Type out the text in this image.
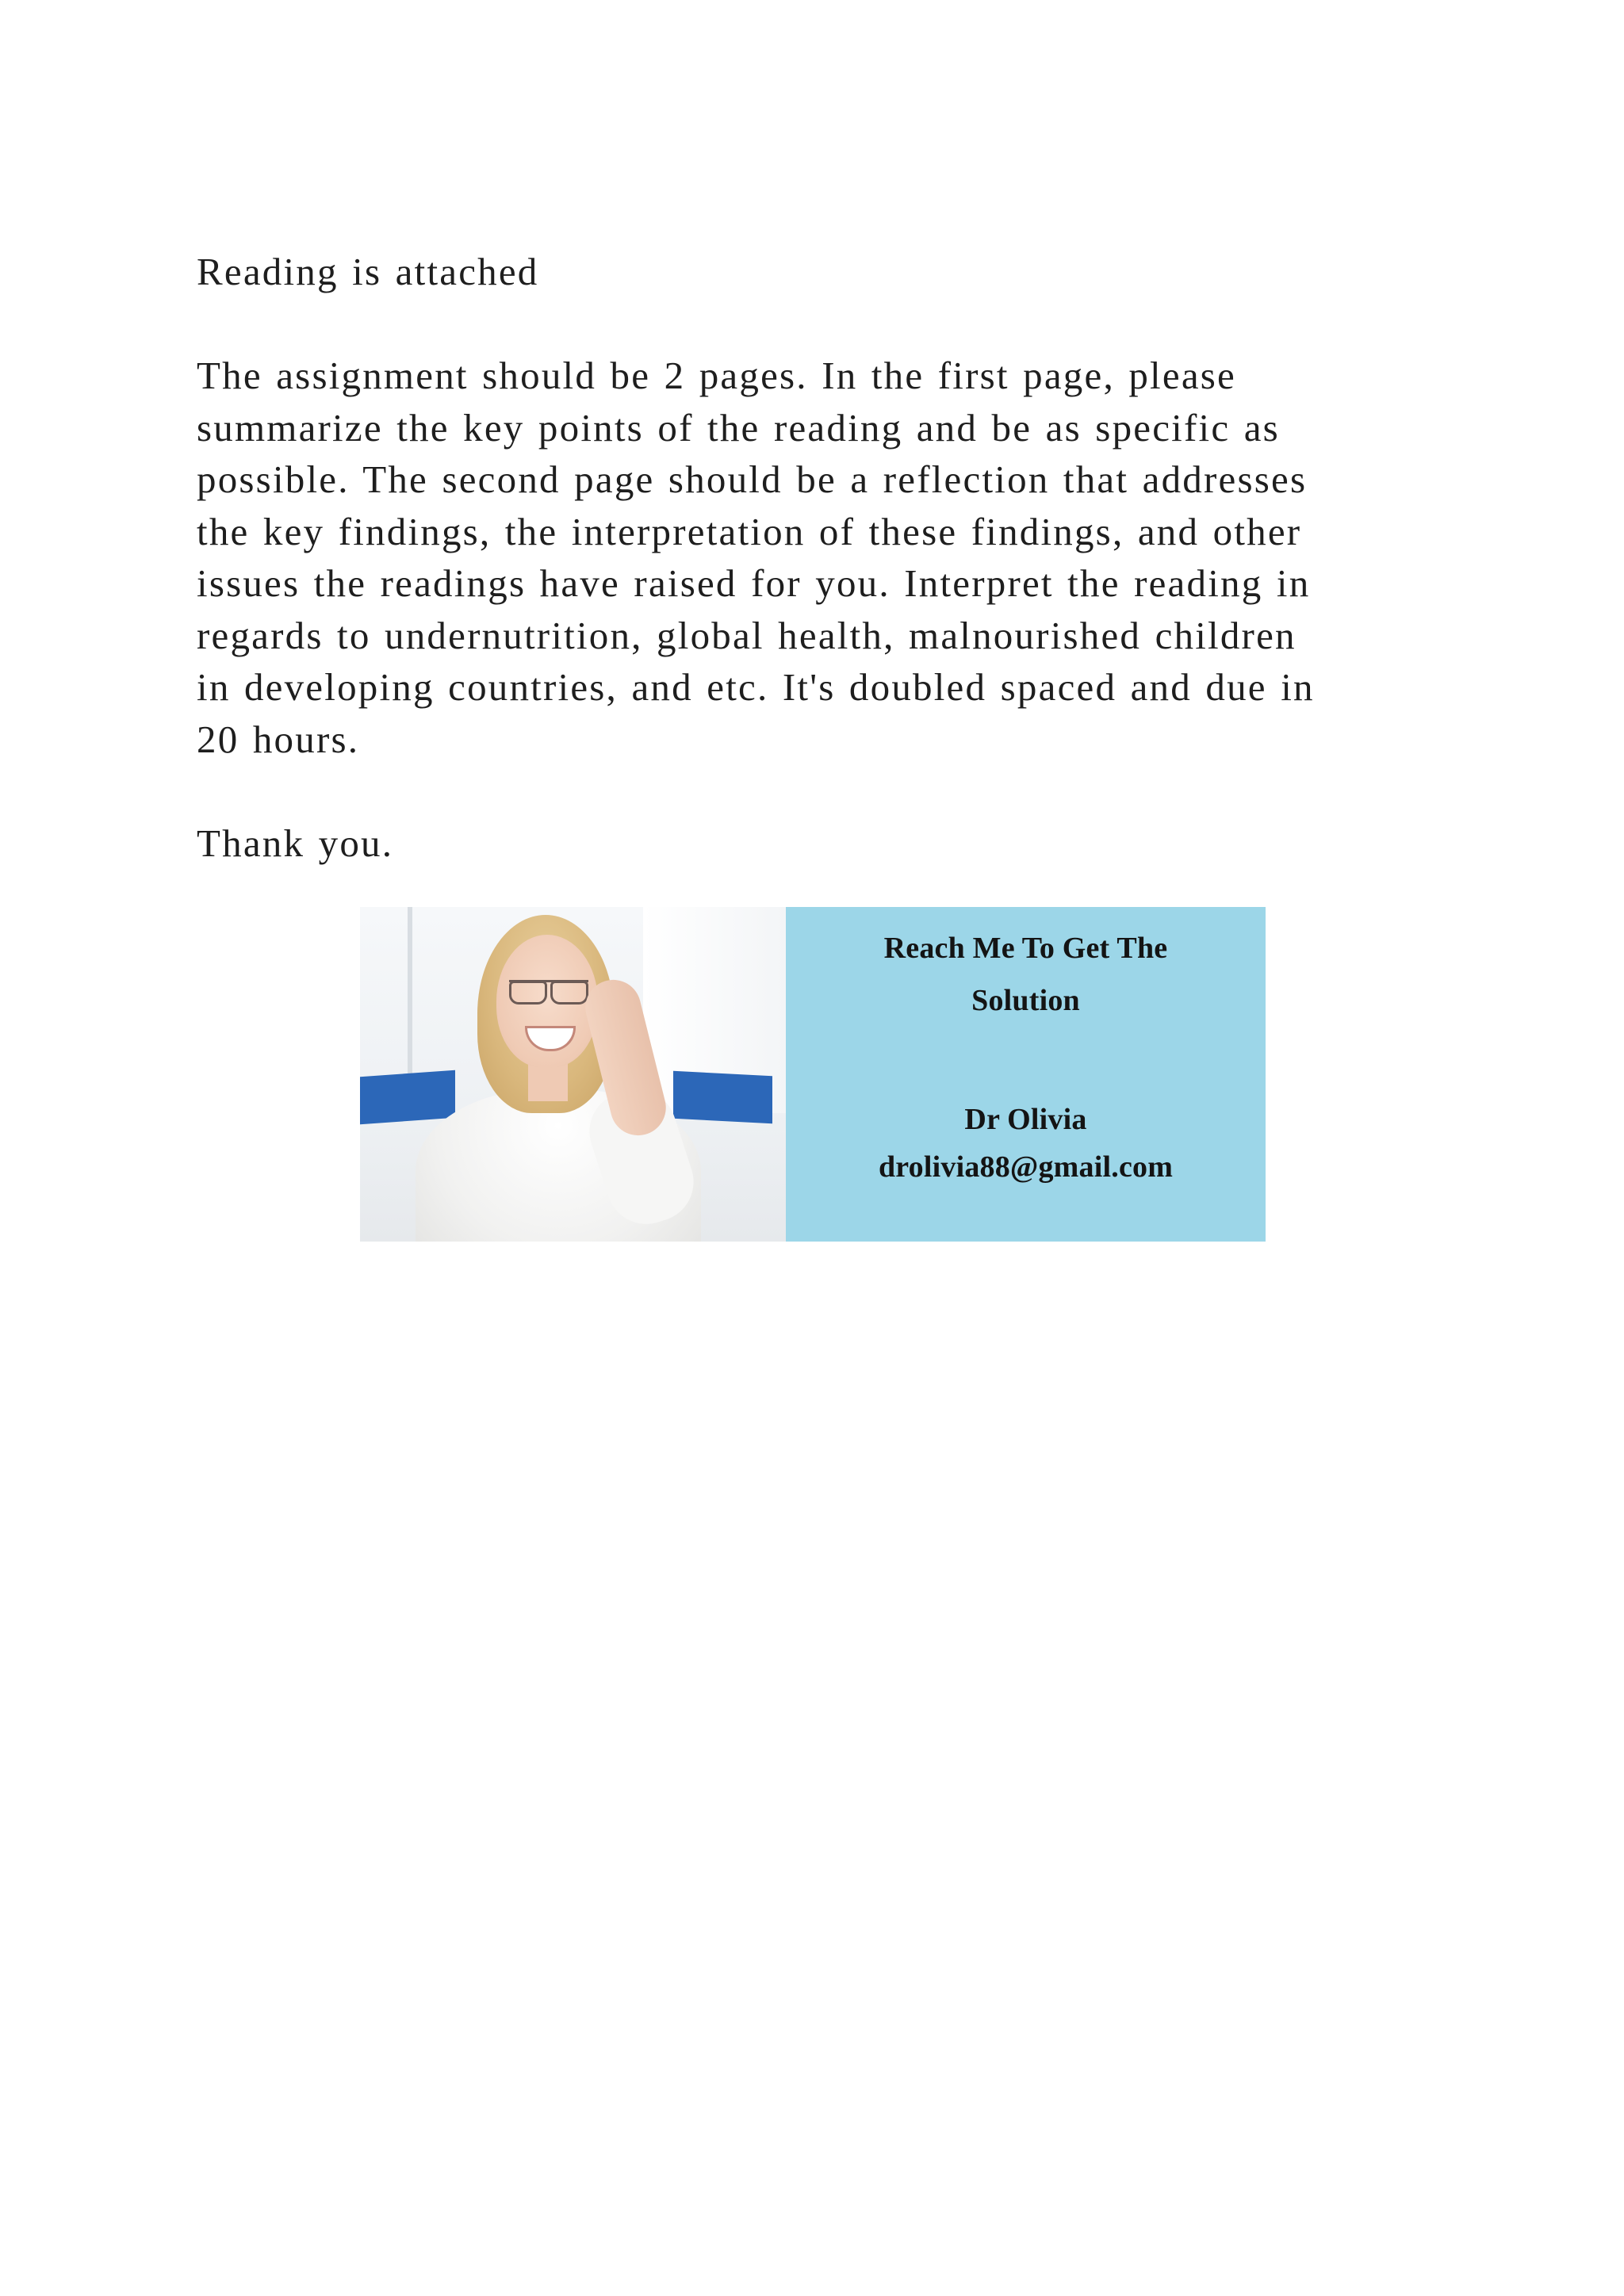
Reading is attached

The assignment should be 2 pages. In the first page, please
summarize the key points of the reading and be as specific as
possible. The second page should be a reflection that addresses
the key findings, the interpretation of these findings, and other
issues the readings have raised for you. Interpret the reading in
regards to undernutrition, global health, malnourished children
in developing countries, and etc. It's doubled spaced and due in
20 hours.

Thank you.

Reach Me To Get The
Solution
Dr Olivia
drolivia88@gmail.com
